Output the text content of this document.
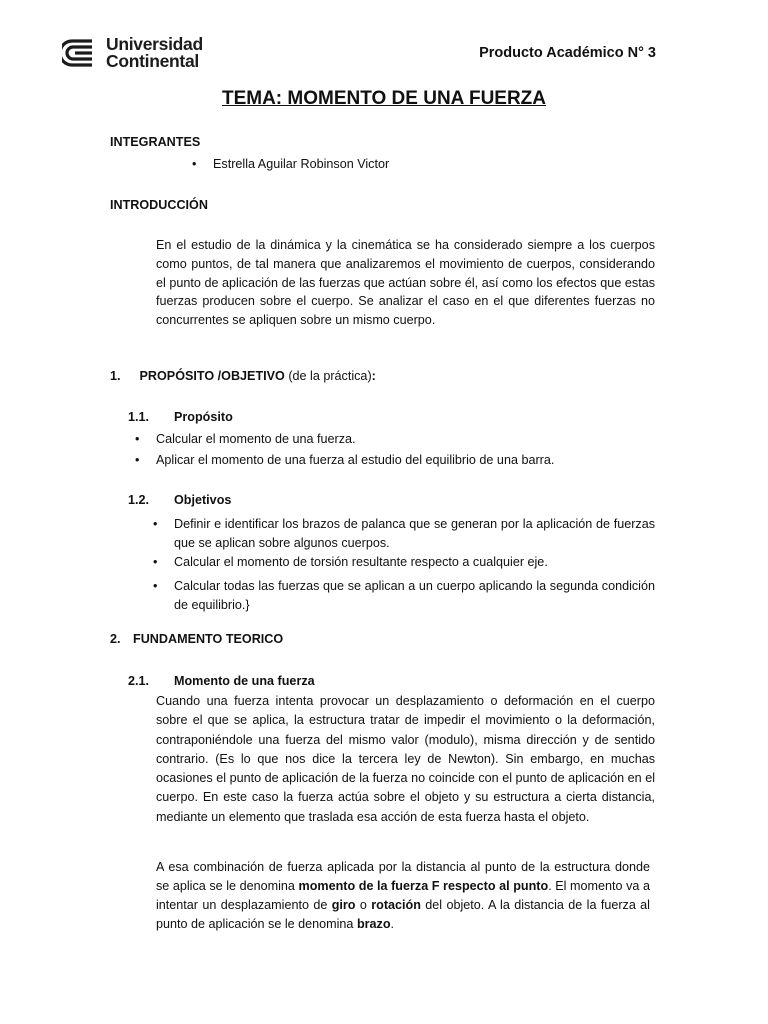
Universidad
Continental	Producto Académico N° 3
TEMA: MOMENTO DE UNA FUERZA
INTEGRANTES
• Estrella Aguilar Robinson Victor
INTRODUCCIÓN

En el estudio de la dinámica y la cinemática se ha considerado siempre a los cuerpos como puntos, de tal manera que analizaremos el movimiento de cuerpos, considerando el punto de aplicación de las fuerzas que actúan sobre él, así como los efectos que estas fuerzas producen sobre el cuerpo. Se analizar el caso en el que diferentes fuerzas no concurrentes se apliquen sobre un mismo cuerpo.

1. PROPÓSITO /OBJETIVO (de la práctica):
1.1. Propósito
• Calcular el momento de una fuerza.
• Aplicar el momento de una fuerza al estudio del equilibrio de una barra.
1.2. Objetivos
• Definir e identificar los brazos de palanca que se generan por la aplicación de fuerzas que se aplican sobre algunos cuerpos.
• Calcular el momento de torsión resultante respecto a cualquier eje.
• Calcular todas las fuerzas que se aplican a un cuerpo aplicando la segunda condición de equilibrio.}
2. FUNDAMENTO TEORICO
2.1. Momento de una fuerza

Cuando una fuerza intenta provocar un desplazamiento o deformación en el cuerpo sobre el que se aplica, la estructura tratar de impedir el movimiento o la deformación, contraponiéndole una fuerza del mismo valor (modulo), misma dirección y de sentido contrario. (Es lo que nos dice la tercera ley de Newton). Sin embargo, en muchas ocasiones el punto de aplicación de la fuerza no coincide con el punto de aplicación en el cuerpo. En este caso la fuerza actúa sobre el objeto y su estructura a cierta distancia, mediante un elemento que traslada esa acción de esta fuerza hasta el objeto.

A esa combinación de fuerza aplicada por la distancia al punto de la estructura donde se aplica se le denomina momento de la fuerza F respecto al punto. El momento va a intentar un desplazamiento de giro o rotación del objeto. A la distancia de la fuerza al punto de aplicación se le denomina brazo.
